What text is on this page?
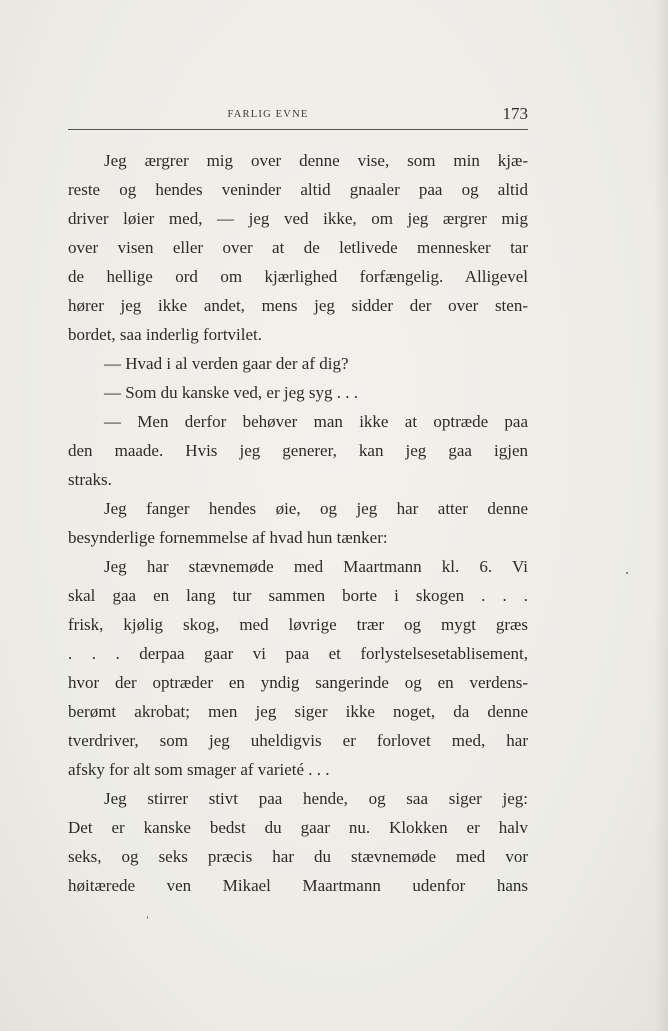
FARLIG EVNE	173
Jeg ærgrer mig over denne vise, som min kjæ-
reste og hendes veninder altid gnaaler paa og altid
driver løier med, — jeg ved ikke, om jeg ærgrer mig
over visen eller over at de letlivede mennesker tar
de hellige ord om kjærlighed forfængelig. Alligevel
hører jeg ikke andet, mens jeg sidder der over sten-
bordet, saa inderlig fortvilet.
— Hvad i al verden gaar der af dig?
— Som du kanske ved, er jeg syg . . .
— Men derfor behøver man ikke at optræde paa
den maade. Hvis jeg generer, kan jeg gaa igjen
straks.
Jeg fanger hendes øie, og jeg har atter denne
besynderlige fornemmelse af hvad hun tænker:
Jeg har stævnemøde med Maartmann kl. 6. Vi
skal gaa en lang tur sammen borte i skogen . . .
frisk, kjølig skog, med løvrige trær og mygt græs
. . . derpaa gaar vi paa et forlystelsesetablisement,
hvor der optræder en yndig sangerinde og en verdens-
berømt akrobat; men jeg siger ikke noget, da denne
tverdriver, som jeg uheldigvis er forlovet med, har
afsky for alt som smager af varieté . . .
Jeg stirrer stivt paa hende, og saa siger jeg:
Det er kanske bedst du gaar nu. Klokken er halv
seks, og seks præcis har du stævnemøde med vor
høitærede ven Mikael Maartmann udenfor hans
